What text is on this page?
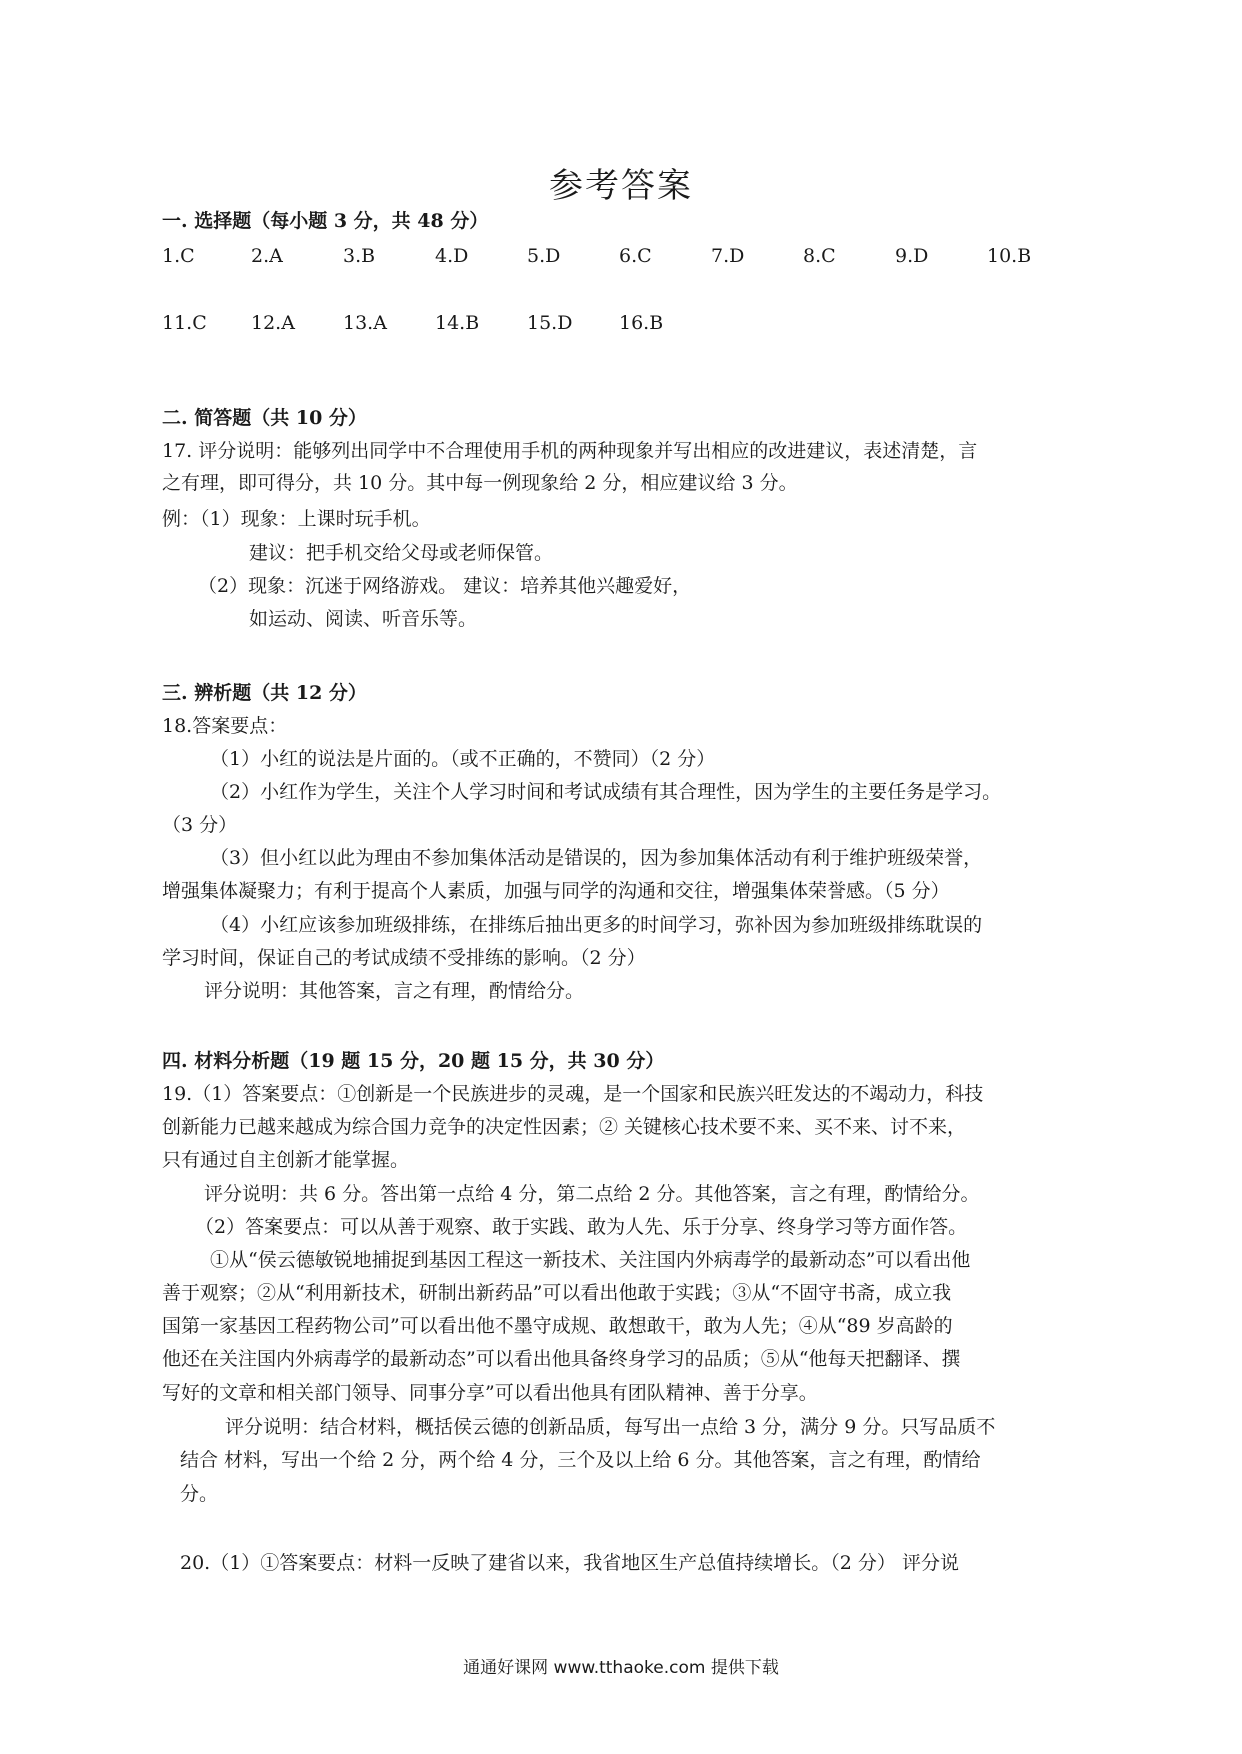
参考答案
一. 选择题（每小题 3 分，共 48 分）
1.C	2.A	3.B	4.D	5.D	6.C	7.D	8.C	9.D	10.B
11.C 12.A	13.A	14.B	15.D 16.B
二. 简答题（共 10 分）
17. 评分说明：能够列出同学中不合理使用手机的两种现象并写出相应的改进建议，表述清楚，言
之有理，即可得分，共 10 分。其中每一例现象给 2 分，相应建议给 3 分。
例：（1）现象：上课时玩手机。
建议：把手机交给父母或老师保管。
（2）现象：沉迷于网络游戏。 建议：培养其他兴趣爱好，
如运动、阅读、听音乐等。
三. 辨析题（共 12 分）
18.答案要点：
（1）小红的说法是片面的。（或不正确的，不赞同）（2 分）
（2）小红作为学生，关注个人学习时间和考试成绩有其合理性，因为学生的主要任务是学习。
（3 分）
（3）但小红以此为理由不参加集体活动是错误的，因为参加集体活动有利于维护班级荣誉，
增强集体凝聚力；有利于提高个人素质，加强与同学的沟通和交往，增强集体荣誉感。（5 分）
（4）小红应该参加班级排练，在排练后抽出更多的时间学习，弥补因为参加班级排练耽误的
学习时间，保证自己的考试成绩不受排练的影响。（2 分）
评分说明：其他答案，言之有理，酌情给分。
四. 材料分析题（19 题 15 分，20 题 15 分，共 30 分）
19.（1）答案要点：①创新是一个民族进步的灵魂，是一个国家和民族兴旺发达的不竭动力，科技
创新能力已越来越成为综合国力竞争的决定性因素；② 关键核心技术要不来、买不来、讨不来，
只有通过自主创新才能掌握。
评分说明：共 6 分。答出第一点给 4 分，第二点给 2 分。其他答案，言之有理，酌情给分。
（2）答案要点：可以从善于观察、敢于实践、敢为人先、乐于分享、终身学习等方面作答。
①从“侯云德敏锐地捕捉到基因工程这一新技术、关注国内外病毒学的最新动态”可以看出他
善于观察；②从“利用新技术，研制出新药品”可以看出他敢于实践；③从“不固守书斋，成立我
国第一家基因工程药物公司”可以看出他不墨守成规、敢想敢干，敢为人先；④从“89 岁高龄的
他还在关注国内外病毒学的最新动态”可以看出他具备终身学习的品质；⑤从“他每天把翻译、撰
写好的文章和相关部门领导、同事分享”可以看出他具有团队精神、善于分享。
评分说明：结合材料，概括侯云德的创新品质，每写出一点给 3 分，满分 9 分。只写品质不
结合 材料，写出一个给 2 分，两个给 4 分，三个及以上给 6 分。其他答案，言之有理，酌情给
分。
20.（1）①答案要点：材料一反映了建省以来，我省地区生产总值持续增长。（2 分） 评分说
通通好课网 www.tthaoke.com 提供下载
